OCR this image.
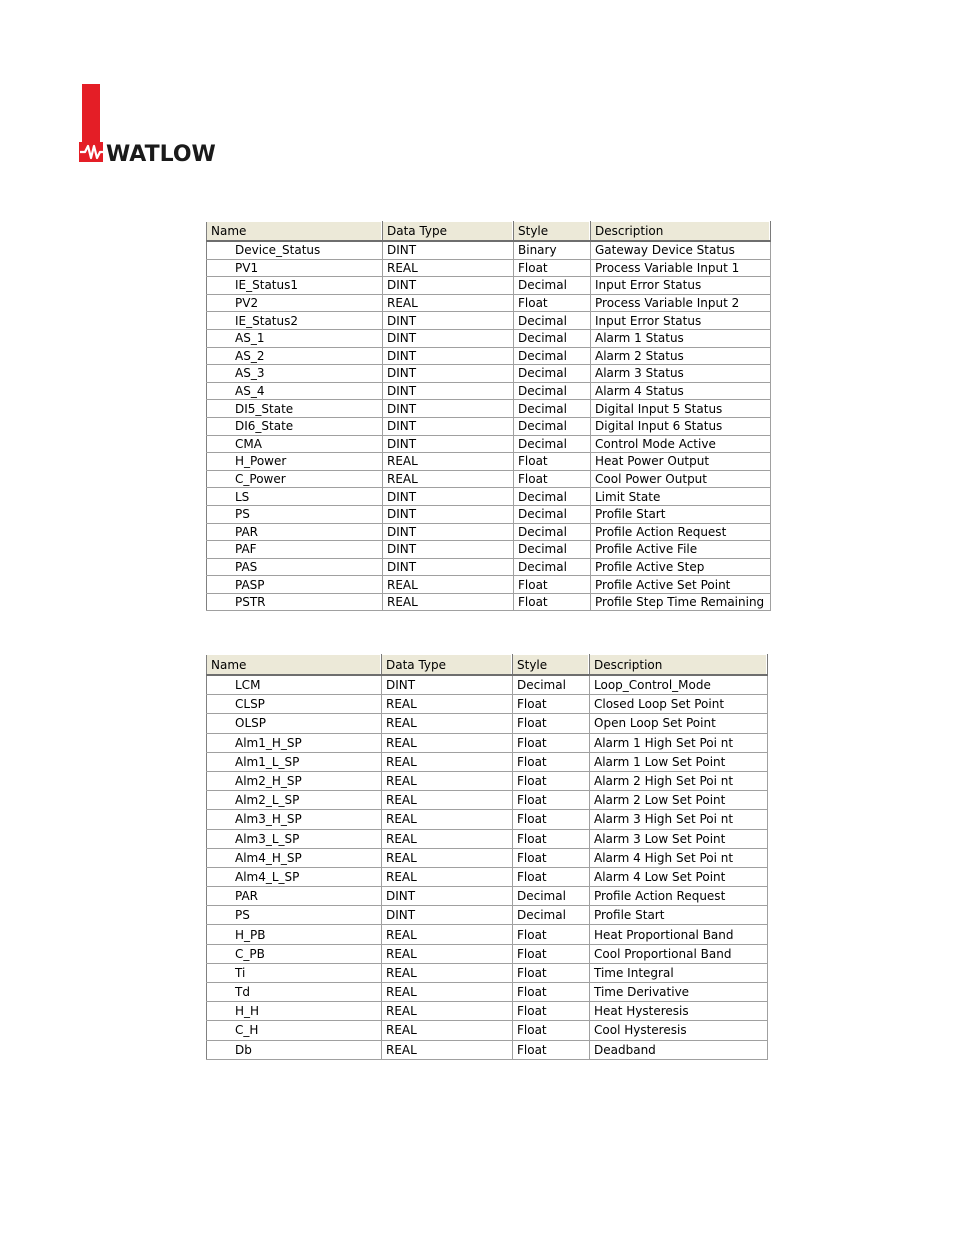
WATLOW
Name	Data Type	Style	Description
Device_Status	DINT	Binary	Gateway Device Status
PV1	REAL	Float	Process Variable Input 1
IE_Status1	DINT	Decimal	Input Error Status
PV2	REAL	Float	Process Variable Input 2
IE_Status2	DINT	Decimal	Input Error Status
AS_1	DINT	Decimal	Alarm 1 Status
AS_2	DINT	Decimal	Alarm 2 Status
AS_3	DINT	Decimal	Alarm 3 Status
AS_4	DINT	Decimal	Alarm 4 Status
DI5_State	DINT	Decimal	Digital Input 5 Status
DI6_State	DINT	Decimal	Digital Input 6 Status
CMA	DINT	Decimal	Control Mode Active
H_Power	REAL	Float	Heat Power Output
C_Power	REAL	Float	Cool Power Output
LS	DINT	Decimal	Limit State
PS	DINT	Decimal	Profile Start
PAR	DINT	Decimal	Profile Action Request
PAF	DINT	Decimal	Profile Active File
PAS	DINT	Decimal	Profile Active Step
PASP	REAL	Float	Profile Active Set Point
PSTR	REAL	Float	Profile Step Time Remaining
Name	Data Type	Style	Description
LCM	DINT	Decimal	Loop_Control_Mode
CLSP	REAL	Float	Closed Loop Set Point
OLSP	REAL	Float	Open Loop Set Point
Alm1_H_SP	REAL	Float	Alarm 1 High Set Poi nt
Alm1_L_SP	REAL	Float	Alarm 1 Low Set Point
Alm2_H_SP	REAL	Float	Alarm 2 High Set Poi nt
Alm2_L_SP	REAL	Float	Alarm 2 Low Set Point
Alm3_H_SP	REAL	Float	Alarm 3 High Set Poi nt
Alm3_L_SP	REAL	Float	Alarm 3 Low Set Point
Alm4_H_SP	REAL	Float	Alarm 4 High Set Poi nt
Alm4_L_SP	REAL	Float	Alarm 4 Low Set Point
PAR	DINT	Decimal	Profile Action Request
PS	DINT	Decimal	Profile Start
H_PB	REAL	Float	Heat Proportional Band
C_PB	REAL	Float	Cool Proportional Band
Ti	REAL	Float	Time Integral
Td	REAL	Float	Time Derivative
H_H	REAL	Float	Heat Hysteresis
C_H	REAL	Float	Cool Hysteresis
Db	REAL	Float	Deadband
